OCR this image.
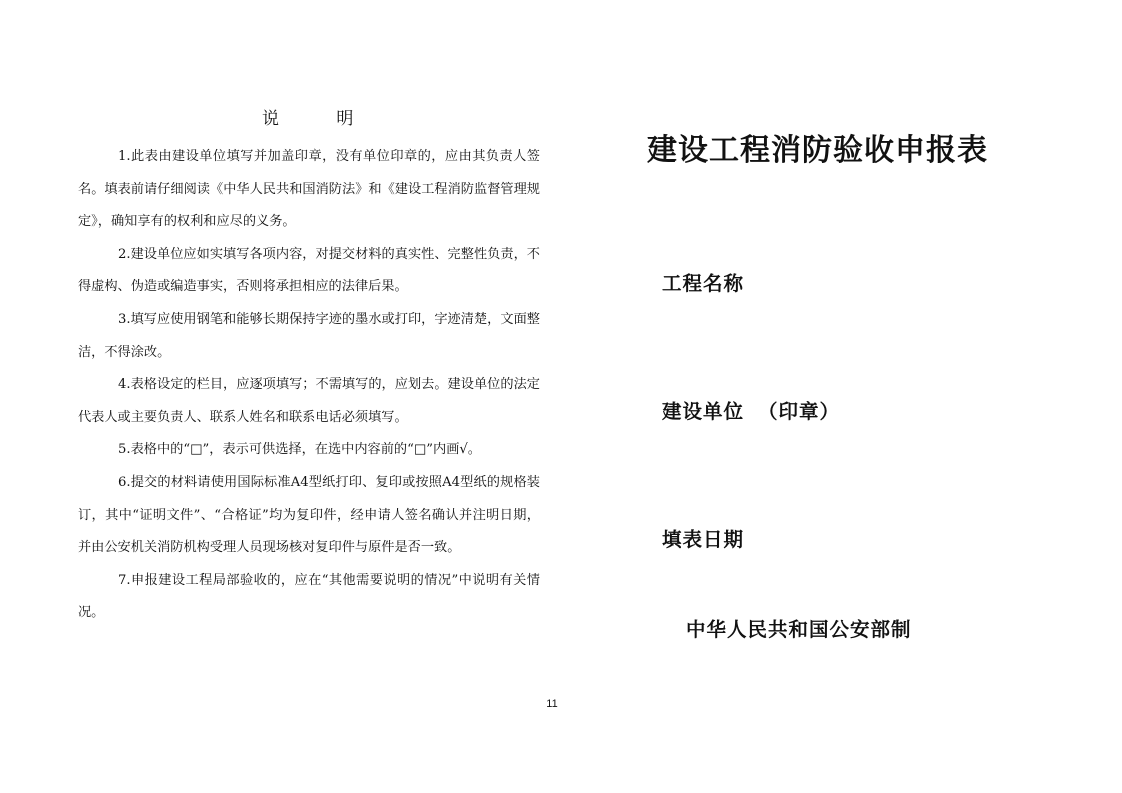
说 明
1.此表由建设单位填写并加盖印章，没有单位印章的，应由其负责人签名。填表前请仔细阅读《中华人民共和国消防法》和《建设工程消防监督管理规定》，确知享有的权利和应尽的义务。
2.建设单位应如实填写各项内容，对提交材料的真实性、完整性负责，不得虚构、伪造或编造事实，否则将承担相应的法律后果。
3.填写应使用钢笔和能够长期保持字迹的墨水或打印，字迹清楚，文面整洁，不得涂改。
4.表格设定的栏目，应逐项填写；不需填写的，应划去。建设单位的法定代表人或主要负责人、联系人姓名和联系电话必须填写。
5.表格中的“□”，表示可供选择，在选中内容前的“□”内画√。
6.提交的材料请使用国际标准A4型纸打印、复印或按照A4型纸的规格装订，其中“证明文件”、“合格证”均为复印件，经申请人签名确认并注明日期，并由公安机关消防机构受理人员现场核对复印件与原件是否一致。
7.申报建设工程局部验收的，应在“其他需要说明的情况”中说明有关情况。
建设工程消防验收申报表
工程名称
建设单位 （印章）
填表日期
中华人民共和国公安部制
11
